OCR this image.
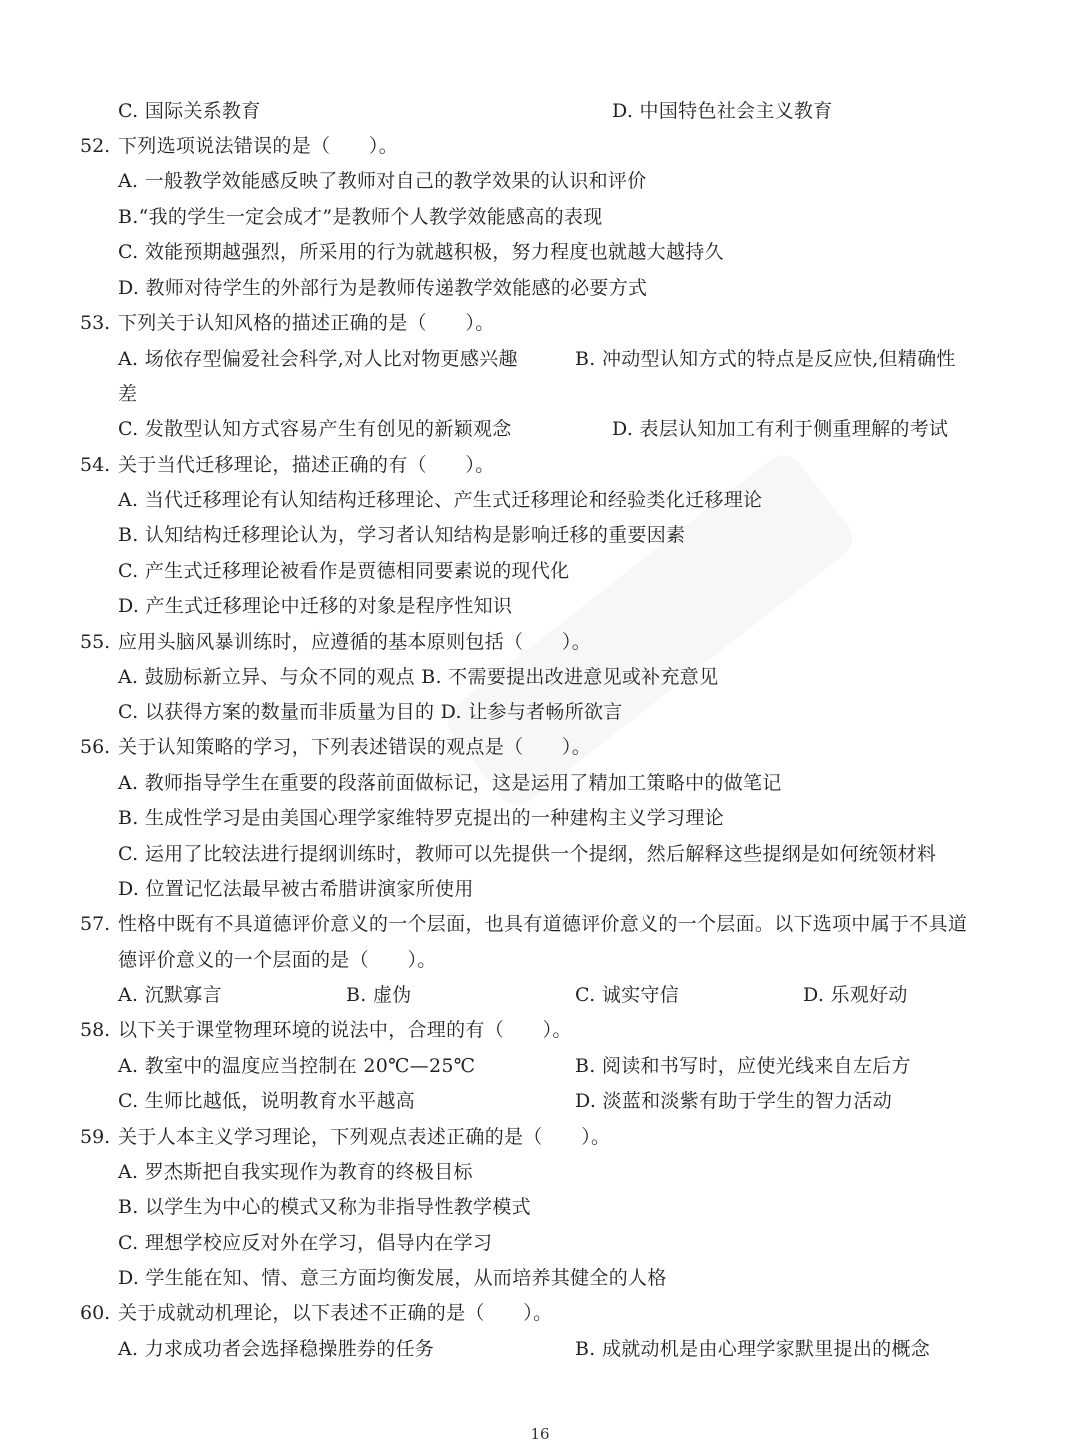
52.
53.
54.
55.
56.
57.
58.
59.
60.
C. 国际关系教育	D. 中国特色社会主义教育
下列选项说法错误的是（　　）。
A. 一般教学效能感反映了教师对自己的教学效果的认识和评价
B.“我的学生一定会成才”是教师个人教学效能感高的表现
C. 效能预期越强烈，所采用的行为就越积极，努力程度也就越大越持久
D. 教师对待学生的外部行为是教师传递教学效能感的必要方式
下列关于认知风格的描述正确的是（　　）。
A. 场依存型偏爱社会科学,对人比对物更感兴趣	B. 冲动型认知方式的特点是反应快,但精确性
差
C. 发散型认知方式容易产生有创见的新颖观念	D. 表层认知加工有利于侧重理解的考试
关于当代迁移理论，描述正确的有（　　）。
A. 当代迁移理论有认知结构迁移理论、产生式迁移理论和经验类化迁移理论
B. 认知结构迁移理论认为，学习者认知结构是影响迁移的重要因素
C. 产生式迁移理论被看作是贾德相同要素说的现代化
D. 产生式迁移理论中迁移的对象是程序性知识
应用头脑风暴训练时，应遵循的基本原则包括（　　）。
A. 鼓励标新立异、与众不同的观点 B. 不需要提出改进意见或补充意见
C. 以获得方案的数量而非质量为目的 D. 让参与者畅所欲言
关于认知策略的学习，下列表述错误的观点是（　　）。
A. 教师指导学生在重要的段落前面做标记，这是运用了精加工策略中的做笔记
B. 生成性学习是由美国心理学家维特罗克提出的一种建构主义学习理论
C. 运用了比较法进行提纲训练时，教师可以先提供一个提纲，然后解释这些提纲是如何统领材料
D. 位置记忆法最早被古希腊讲演家所使用
性格中既有不具道德评价意义的一个层面，也具有道德评价意义的一个层面。以下选项中属于不具道
德评价意义的一个层面的是（　　）。
A. 沉默寡言	B. 虚伪	C. 诚实守信	D. 乐观好动
以下关于课堂物理环境的说法中，合理的有（　　）。
A. 教室中的温度应当控制在 20℃—25℃	B. 阅读和书写时，应使光线来自左后方
C. 生师比越低，说明教育水平越高	D. 淡蓝和淡紫有助于学生的智力活动
关于人本主义学习理论，下列观点表述正确的是（　　）。
A. 罗杰斯把自我实现作为教育的终极目标
B. 以学生为中心的模式又称为非指导性教学模式
C. 理想学校应反对外在学习，倡导内在学习
D. 学生能在知、情、意三方面均衡发展，从而培养其健全的人格
关于成就动机理论，以下表述不正确的是（　　）。
A. 力求成功者会选择稳操胜券的任务	B. 成就动机是由心理学家默里提出的概念
16
